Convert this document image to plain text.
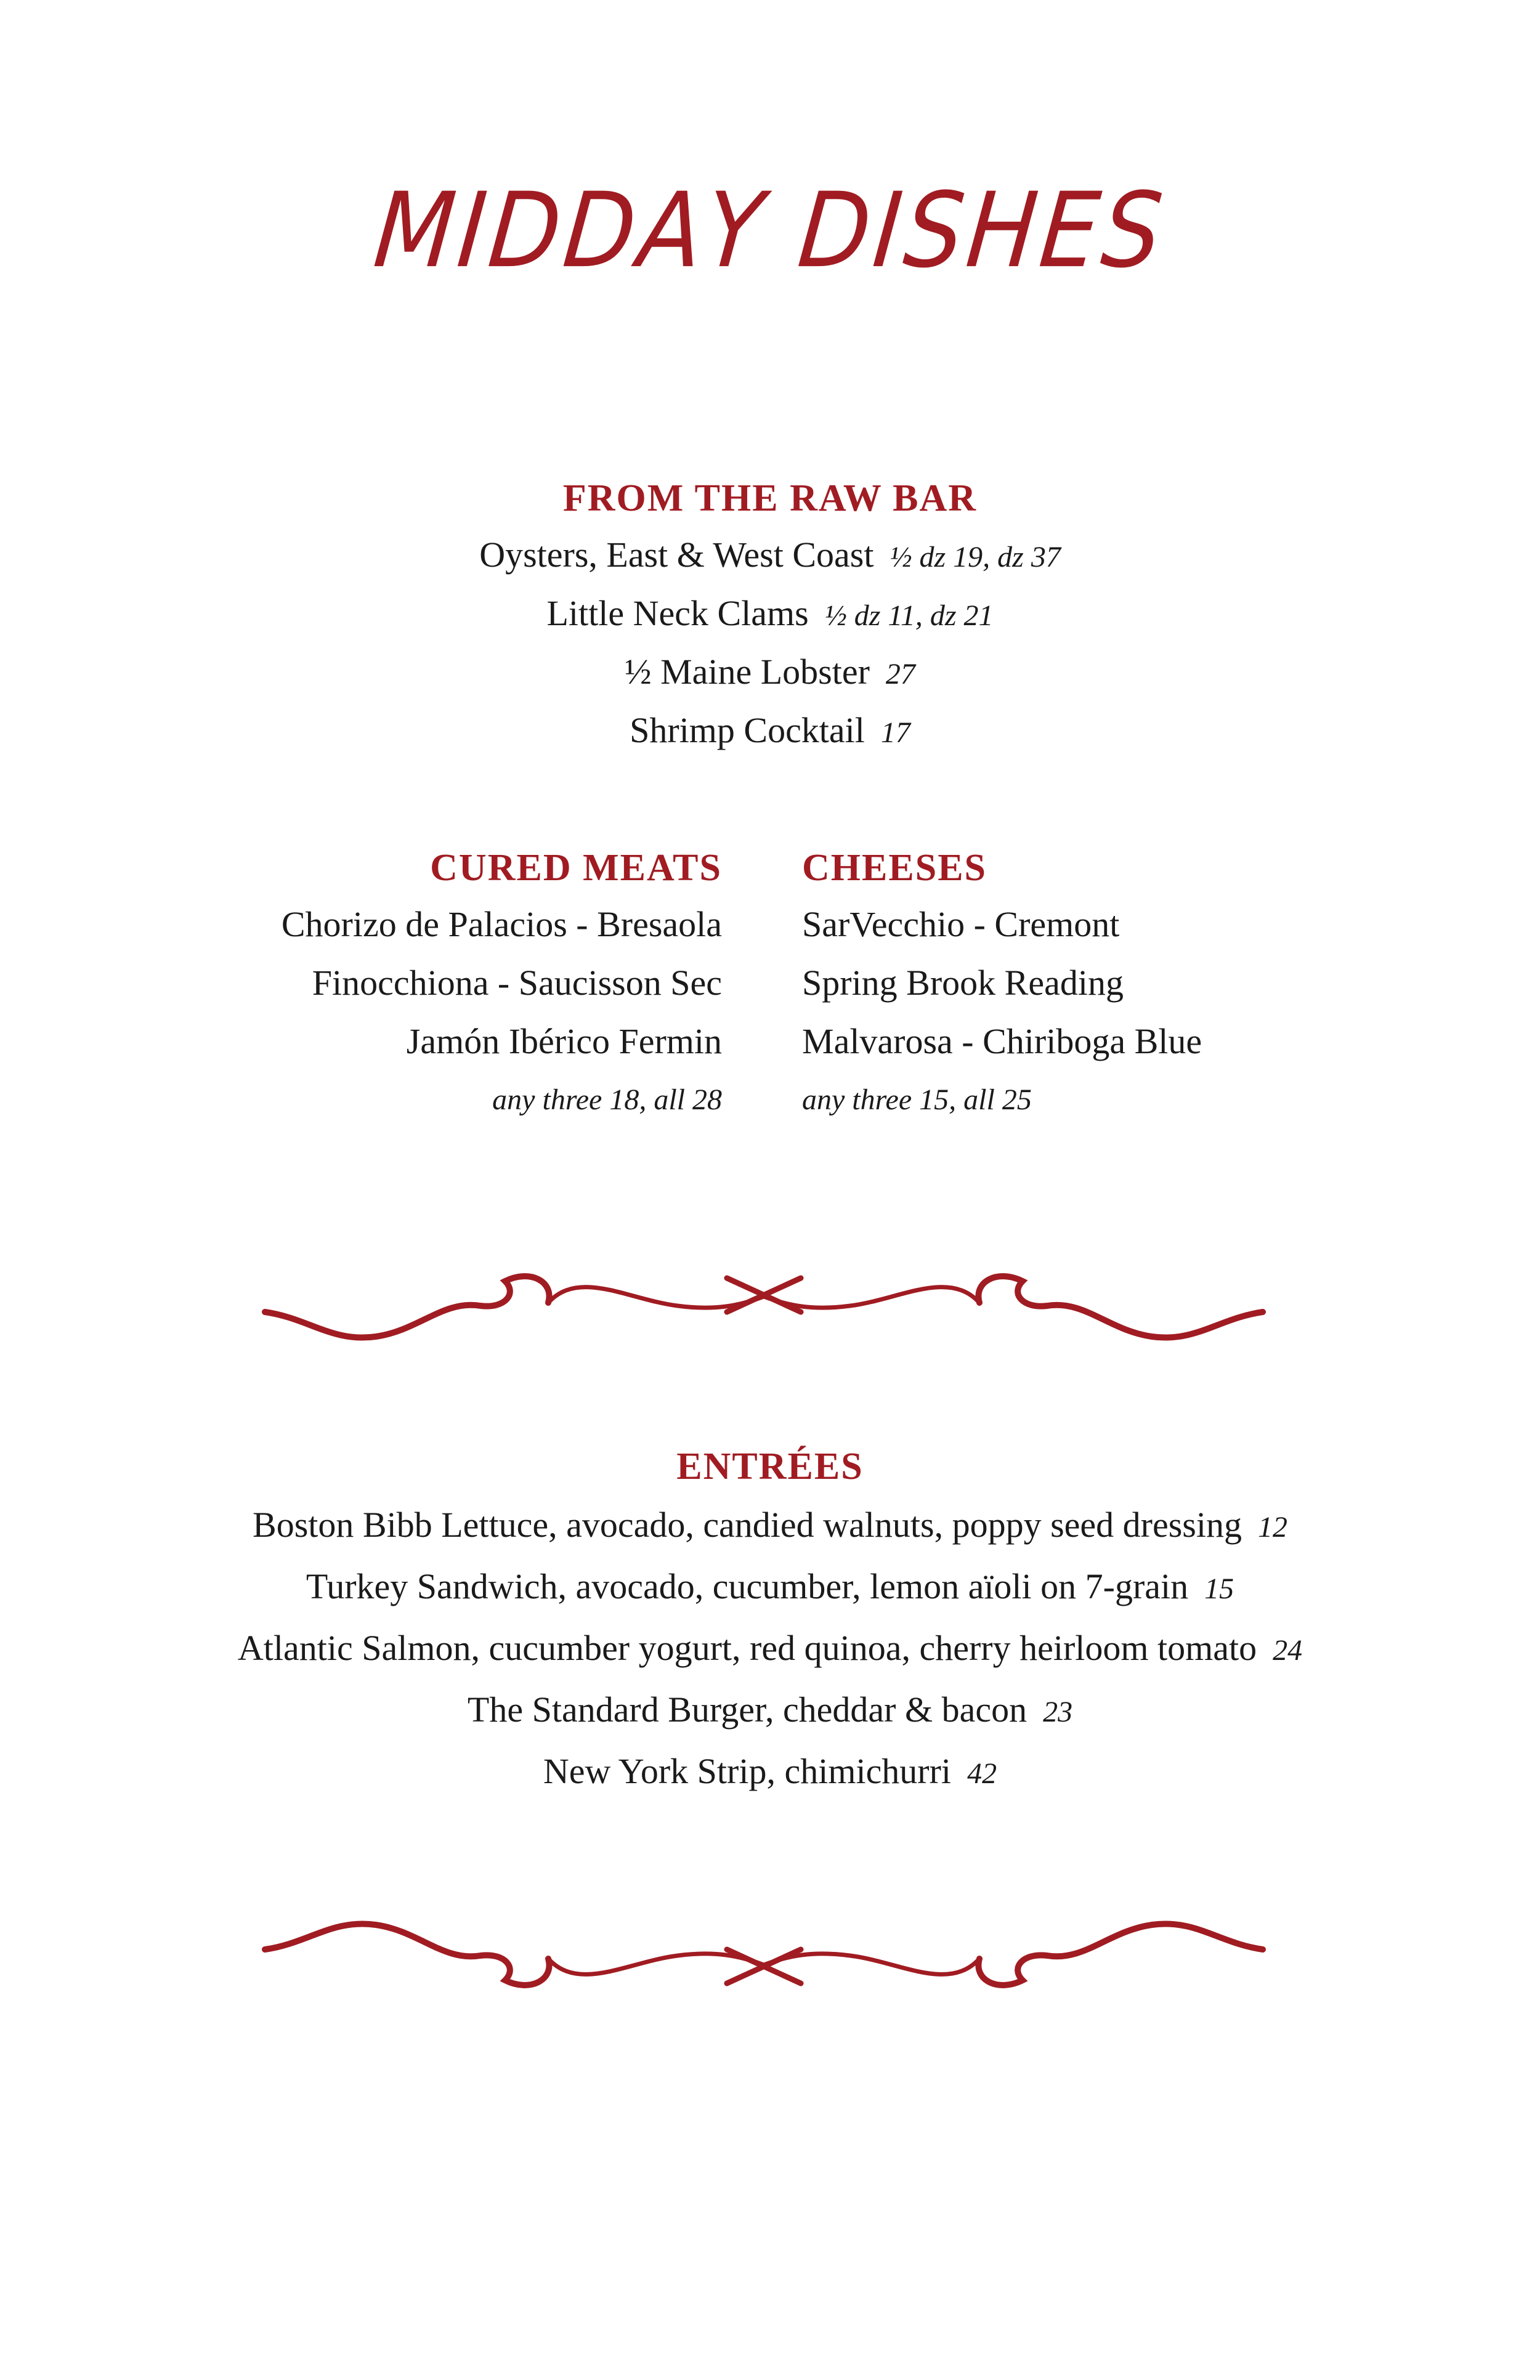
MIDDAY DISHES
FROM THE RAW BAR
Oysters, East & West Coast ½ dz 19, dz 37
Little Neck Clams ½ dz 11, dz 21
½ Maine Lobster 27
Shrimp Cocktail 17
CURED MEATS
Chorizo de Palacios - Bresaola
Finocchiona - Saucisson Sec
Jamón Ibérico Fermin
any three 18, all 28
CHEESES
SarVecchio - Cremont
Spring Brook Reading
Malvarosa - Chiriboga Blue
any three 15, all 25
ENTRÉES
Boston Bibb Lettuce, avocado, candied walnuts, poppy seed dressing 12
Turkey Sandwich, avocado, cucumber, lemon aïoli on 7-grain 15
Atlantic Salmon, cucumber yogurt, red quinoa, cherry heirloom tomato 24
The Standard Burger, cheddar & bacon 23
New York Strip, chimichurri 42
